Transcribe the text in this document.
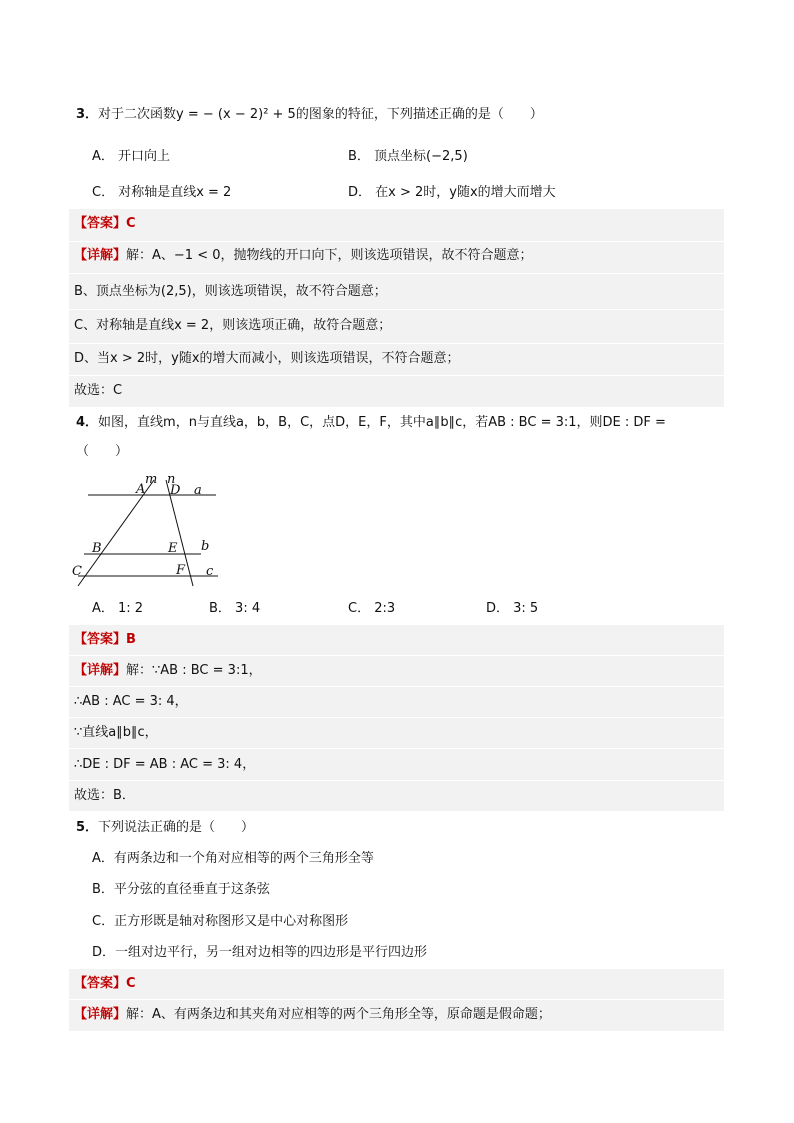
3．对于二次函数y = − (x − 2)² + 5的图象的特征，下列描述正确的是（　　）
A． 开口向上	B． 顶点坐标(−2,5)
C． 对称轴是直线x = 2	D． 在x > 2时，y随x的增大而增大
【答案】C
【详解】解：A、−1 < 0，抛物线的开口向下，则该选项错误，故不符合题意；
B、顶点坐标为(2,5)，则该选项错误，故不符合题意；
C、对称轴是直线x = 2，则该选项正确，故符合题意；
D、当x > 2时，y随x的增大而减小，则该选项错误，不符合题意；
故选：C
4．如图，直线m，n与直线a，b，B，C，点D，E，F，其中a∥b∥c，若AB : BC = 3:1，则DE : DF =
（　　）
m n
A D a
B	E b
C	F c
A． 1: 2	B． 3: 4	C． 2:3	D． 3: 5
【答案】B
【详解】解：∵AB : BC = 3:1，
∴AB : AC = 3: 4，
∵直线a∥b∥c，
∴DE : DF = AB : AC = 3: 4，
故选：B．
5．下列说法正确的是（　　）
A．有两条边和一个角对应相等的两个三角形全等
B．平分弦的直径垂直于这条弦
C．正方形既是轴对称图形又是中心对称图形
D．一组对边平行，另一组对边相等的四边形是平行四边形
【答案】C
【详解】解：A、有两条边和其夹角对应相等的两个三角形全等，原命题是假命题；
